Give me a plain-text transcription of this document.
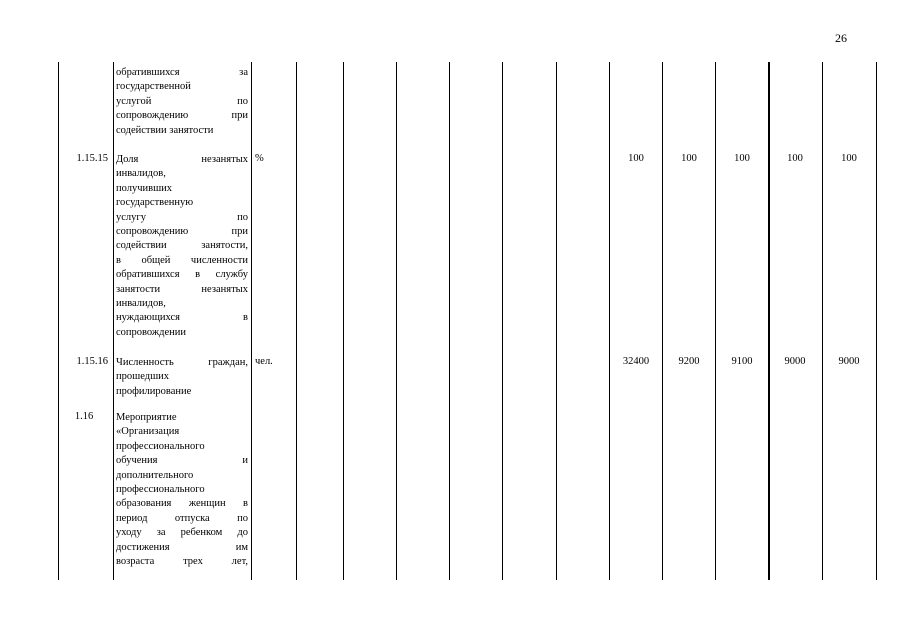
26
обратившихся за
государственной
услугой по
сопровождению при
содействии занятости
1.15.15 Доля незанятых
инвалидов,
получивших
государственную
услугу по
сопровождению при
содействии занятости,
в общей численности
обратившихся в службу
занятости незанятых
инвалидов,
нуждающихся в
сопровождении
%	100	100	100	100	100
1.15.16 Численность граждан,
прошедших
профилирование
чел.	32400	9200	9100	9000	9000
1.16	Мероприятие
«Организация
профессионального
обучения и
дополнительного
профессионального
образования женщин в
период отпуска по
уходу за ребенком до
достижения им
возраста трех лет,
